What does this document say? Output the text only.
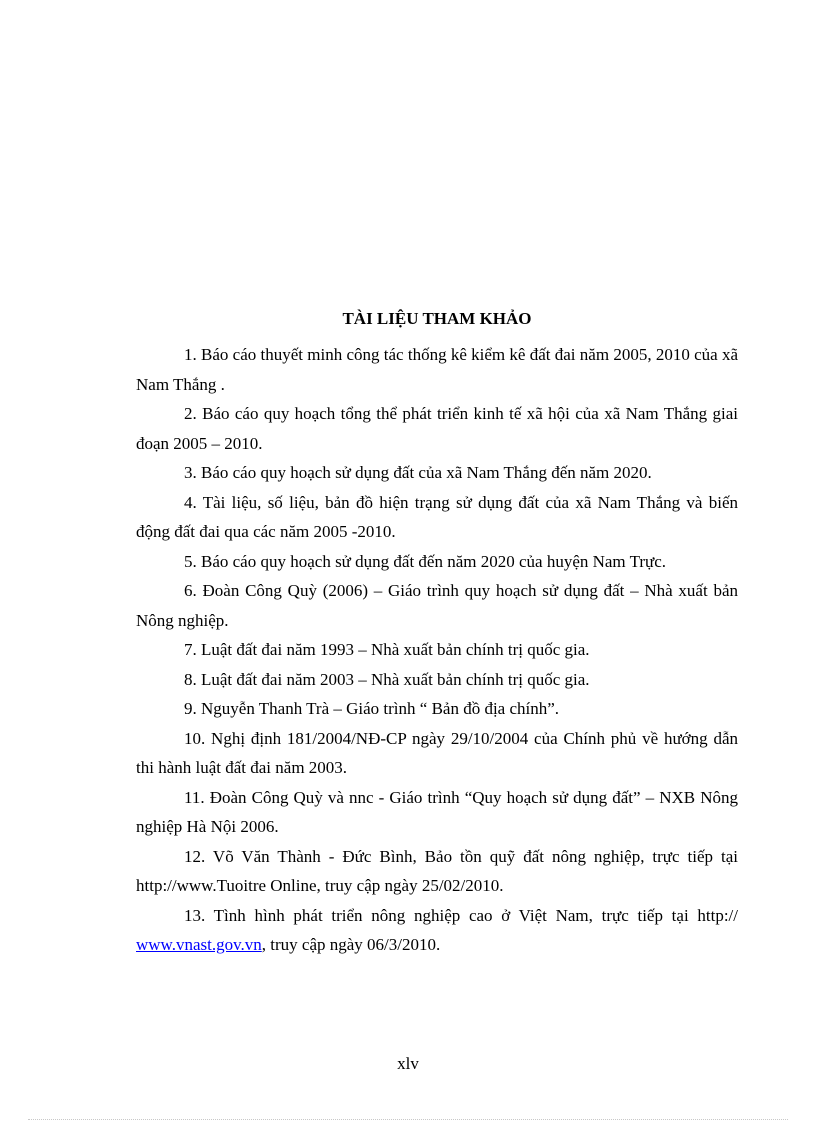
TÀI LIỆU THAM KHẢO

1. Báo cáo thuyết minh công tác thống kê kiểm kê đất đai năm 2005, 2010 của xã Nam Thắng .

2. Báo cáo quy hoạch tổng thể phát triển kinh tế xã hội của xã Nam Thắng giai đoạn 2005 – 2010.

3. Báo cáo quy hoạch sử dụng đất của xã Nam Thắng đến năm 2020.

4. Tài liệu, số liệu, bản đồ hiện trạng sử dụng đất của xã Nam Thắng và biến động đất đai qua các năm 2005 -2010.

5. Báo cáo quy hoạch sử dụng đất đến năm 2020 của huyện Nam Trực.

6. Đoàn Công Quỳ (2006) – Giáo trình quy hoạch sử dụng đất – Nhà xuất bản Nông nghiệp.

7. Luật đất đai năm 1993 – Nhà xuất bản chính trị quốc gia.

8. Luật đất đai năm 2003 – Nhà xuất bản chính trị quốc gia.

9. Nguyễn Thanh Trà – Giáo trình “ Bản đồ địa chính”.

10. Nghị định 181/2004/NĐ-CP ngày 29/10/2004 của Chính phủ về hướng dẫn thi hành luật đất đai năm 2003.

11. Đoàn Công Quỳ và nnc - Giáo trình “Quy hoạch sử dụng đất” – NXB Nông nghiệp Hà Nội 2006.

12. Võ Văn Thành - Đức Bình, Bảo tồn quỹ đất nông nghiệp, trực tiếp tại http://www.Tuoitre Online, truy cập ngày 25/02/2010.

13. Tình hình phát triển nông nghiệp cao ở Việt Nam, trực tiếp tại http:// www.vnast.gov.vn, truy cập ngày 06/3/2010.

xlv
